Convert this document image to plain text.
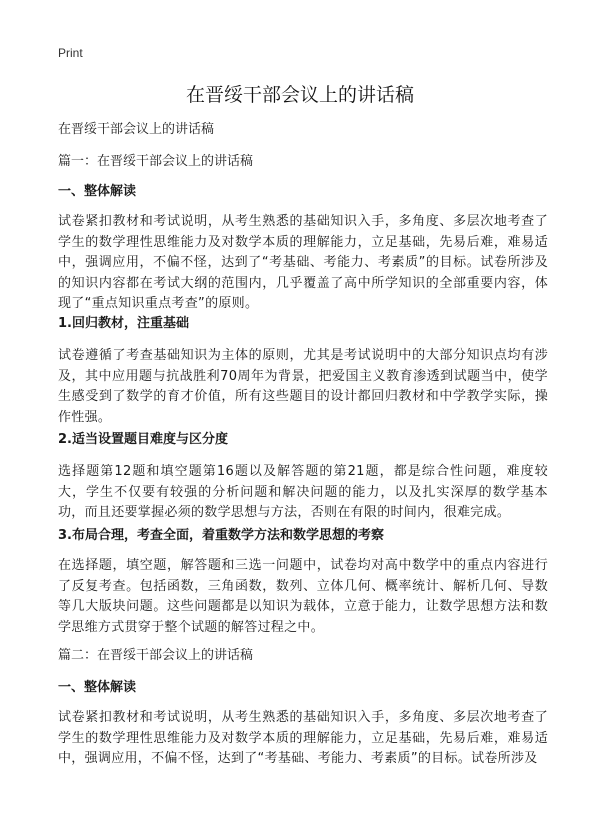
Print
在晋绥干部会议上的讲话稿

在晋绥干部会议上的讲话稿

篇一：在晋绥干部会议上的讲话稿

一、整体解读

试卷紧扣教材和考试说明，从考生熟悉的基础知识入手，多角度、多层次地考查了学生的数学理性思维能力及对数学本质的理解能力，立足基础，先易后难，难易适中，强调应用，不偏不怪，达到了“考基础、考能力、考素质”的目标。试卷所涉及的知识内容都在考试大纲的范围内，几乎覆盖了高中所学知识的全部重要内容，体现了“重点知识重点考查”的原则。

1.回归教材，注重基础

试卷遵循了考查基础知识为主体的原则，尤其是考试说明中的大部分知识点均有涉及，其中应用题与抗战胜利70周年为背景，把爱国主义教育渗透到试题当中，使学生感受到了数学的育才价值，所有这些题目的设计都回归教材和中学教学实际，操作性强。

2.适当设置题目难度与区分度

选择题第12题和填空题第16题以及解答题的第21题，都是综合性问题，难度较大，学生不仅要有较强的分析问题和解决问题的能力，以及扎实深厚的数学基本功，而且还要掌握必须的数学思想与方法，否则在有限的时间内，很难完成。

3.布局合理，考查全面，着重数学方法和数学思想的考察

在选择题，填空题，解答题和三选一问题中，试卷均对高中数学中的重点内容进行了反复考查。包括函数，三角函数，数列、立体几何、概率统计、解析几何、导数等几大版块问题。这些问题都是以知识为载体，立意于能力，让数学思想方法和数学思维方式贯穿于整个试题的解答过程之中。

篇二：在晋绥干部会议上的讲话稿

一、整体解读

试卷紧扣教材和考试说明，从考生熟悉的基础知识入手，多角度、多层次地考查了学生的数学理性思维能力及对数学本质的理解能力，立足基础，先易后难，难易适中，强调应用，不偏不怪，达到了“考基础、考能力、考素质”的目标。试卷所涉及
